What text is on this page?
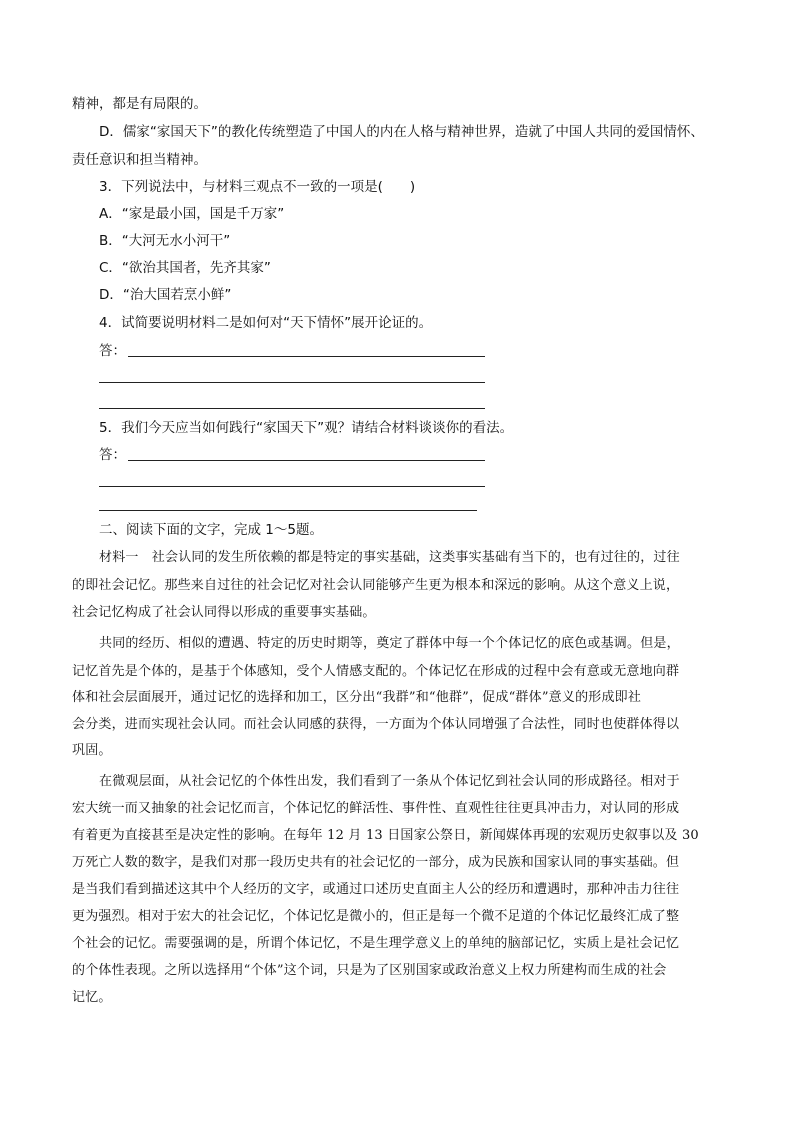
精神，都是有局限的。
D．儒家“家国天下”的教化传统塑造了中国人的内在人格与精神世界，造就了中国人共同的爱国情怀、
责任意识和担当精神。
3．下列说法中，与材料三观点不一致的一项是(　　)
A．“家是最小国，国是千万家”
B．“大河无水小河干”
C．“欲治其国者，先齐其家”
D．“治大国若烹小鲜”
4．试简要说明材料二是如何对“天下情怀”展开论证的。
答：
5．我们今天应当如何践行“家国天下”观？请结合材料谈谈你的看法。
答：
二、阅读下面的文字，完成 1～5题。
材料一　社会认同的发生所依赖的都是特定的事实基础，这类事实基础有当下的，也有过往的，过往
的即社会记忆。那些来自过往的社会记忆对社会认同能够产生更为根本和深远的影响。从这个意义上说，
社会记忆构成了社会认同得以形成的重要事实基础。
共同的经历、相似的遭遇、特定的历史时期等，奠定了群体中每一个个体记忆的底色或基调。但是，
记忆首先是个体的，是基于个体感知，受个人情感支配的。个体记忆在形成的过程中会有意或无意地向群
体和社会层面展开，通过记忆的选择和加工，区分出“我群”和“他群”，促成“群体”意义的形成即社
会分类，进而实现社会认同。而社会认同感的获得，一方面为个体认同增强了合法性，同时也使群体得以
巩固。
在微观层面，从社会记忆的个体性出发，我们看到了一条从个体记忆到社会认同的形成路径。相对于
宏大统一而又抽象的社会记忆而言，个体记忆的鲜活性、事件性、直观性往往更具冲击力，对认同的形成
有着更为直接甚至是决定性的影响。在每年 12 月 13 日国家公祭日，新闻媒体再现的宏观历史叙事以及 30
万死亡人数的数字，是我们对那一段历史共有的社会记忆的一部分，成为民族和国家认同的事实基础。但
是当我们看到描述这其中个人经历的文字，或通过口述历史直面主人公的经历和遭遇时，那种冲击力往往
更为强烈。相对于宏大的社会记忆，个体记忆是微小的，但正是每一个微不足道的个体记忆最终汇成了整
个社会的记忆。需要强调的是，所谓个体记忆，不是生理学意义上的单纯的脑部记忆，实质上是社会记忆
的个体性表现。之所以选择用“个体”这个词，只是为了区别国家或政治意义上权力所建构而生成的社会
记忆。
